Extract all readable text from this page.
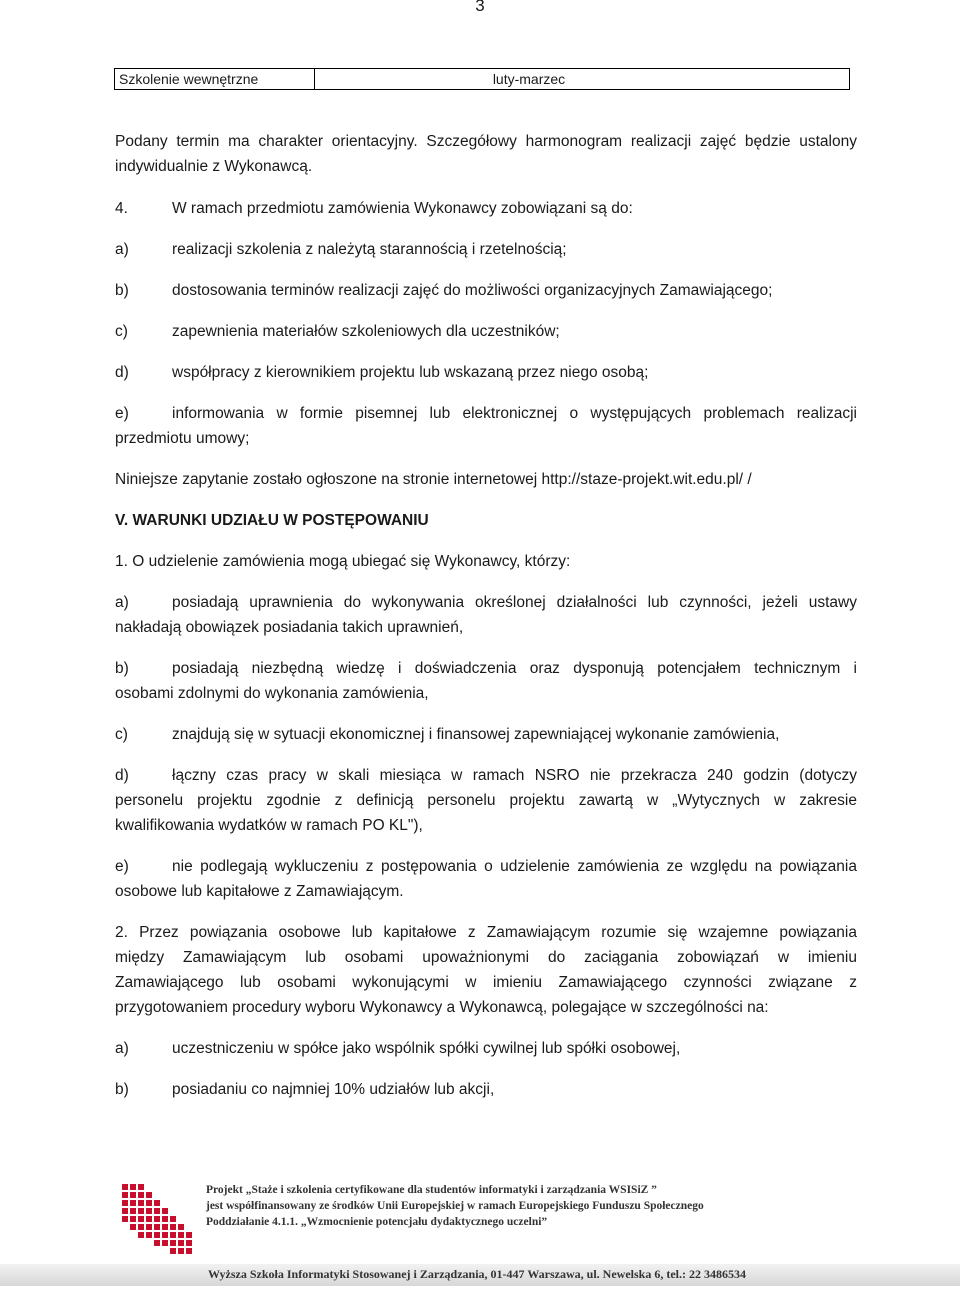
3
Szkolenie wewnętrzne	luty-marzec
Podany termin ma charakter orientacyjny. Szczegółowy harmonogram realizacji zajęć będzie ustalony
indywidualnie z Wykonawcą.
4.	W ramach przedmiotu zamówienia Wykonawcy zobowiązani są do:
a)	realizacji szkolenia z należytą starannością i rzetelnością;
b)	dostosowania terminów realizacji zajęć do możliwości organizacyjnych Zamawiającego;
c)	zapewnienia materiałów szkoleniowych dla uczestników;
d)	współpracy z kierownikiem projektu lub wskazaną przez niego osobą;
e)	informowania w formie pisemnej lub elektronicznej o występujących problemach realizacji
przedmiotu umowy;
Niniejsze zapytanie zostało ogłoszone na stronie internetowej http://staze-projekt.wit.edu.pl/ /
V. WARUNKI UDZIAŁU W POSTĘPOWANIU
1. O udzielenie zamówienia mogą ubiegać się Wykonawcy, którzy:
a)	posiadają uprawnienia do wykonywania określonej działalności lub czynności, jeżeli ustawy
nakładają obowiązek posiadania takich uprawnień,
b)	posiadają niezbędną wiedzę i doświadczenia oraz dysponują potencjałem technicznym i
osobami zdolnymi do wykonania zamówienia,
c)	znajdują się w sytuacji ekonomicznej i finansowej zapewniającej wykonanie zamówienia,
d)	łączny czas pracy w skali miesiąca w ramach NSRO nie przekracza 240 godzin (dotyczy
personelu projektu zgodnie z definicją personelu projektu zawartą w „Wytycznych w zakresie
kwalifikowania wydatków w ramach PO KL"),
e)	nie podlegają wykluczeniu z postępowania o udzielenie zamówienia ze względu na powiązania
osobowe lub kapitałowe z Zamawiającym.
2. Przez powiązania osobowe lub kapitałowe z Zamawiającym rozumie się wzajemne powiązania
między Zamawiającym lub osobami upoważnionymi do zaciągania zobowiązań w imieniu
Zamawiającego lub osobami wykonującymi w imieniu Zamawiającego czynności związane z
przygotowaniem procedury wyboru Wykonawcy a Wykonawcą, polegające w szczególności na:
a)	uczestniczeniu w spółce jako wspólnik spółki cywilnej lub spółki osobowej,
b)	posiadaniu co najmniej 10% udziałów lub akcji,
Projekt „Staże i szkolenia certyfikowane dla studentów informatyki i zarządzania WSISiZ ”
jest współfinansowany ze środków Unii Europejskiej w ramach Europejskiego Funduszu Społecznego
Poddziałanie 4.1.1. „Wzmocnienie potencjału dydaktycznego uczelni”
Wyższa Szkoła Informatyki Stosowanej i Zarządzania, 01-447 Warszawa, ul. Newelska 6, tel.: 22 3486534
